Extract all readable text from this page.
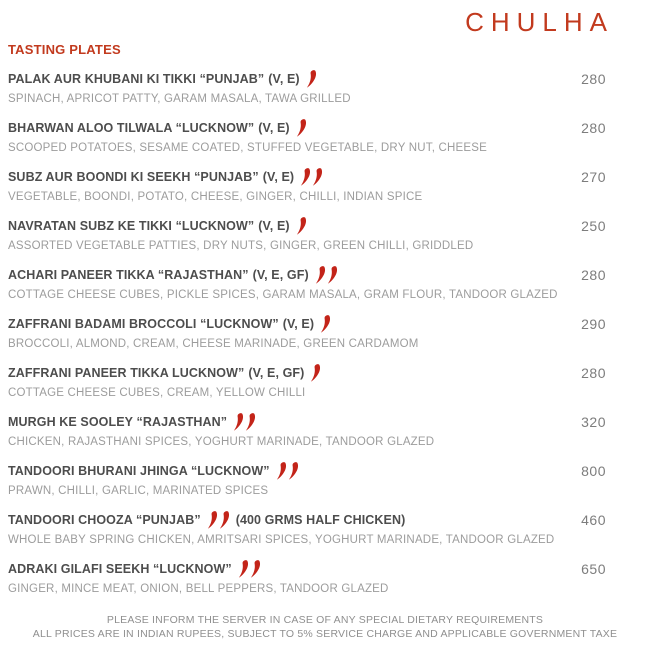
CHULHA
TASTING PLATES
PALAK AUR KHUBANI KI TIKKI “PUNJAB” (V, E)
SPINACH, APRICOT PATTY, GARAM MASALA, TAWA GRILLED
280
BHARWAN ALOO TILWALA “LUCKNOW” (V, E)
SCOOPED POTATOES, SESAME COATED, STUFFED VEGETABLE, DRY NUT, CHEESE
280
SUBZ AUR BOONDI KI SEEKH “PUNJAB” (V, E)
VEGETABLE, BOONDI, POTATO, CHEESE, GINGER, CHILLI, INDIAN SPICE
270
NAVRATAN SUBZ KE TIKKI “LUCKNOW” (V, E)
ASSORTED VEGETABLE PATTIES, DRY NUTS, GINGER, GREEN CHILLI, GRIDDLED
250
ACHARI PANEER TIKKA “RAJASTHAN” (V, E, GF)
COTTAGE CHEESE CUBES, PICKLE SPICES, GARAM MASALA, GRAM FLOUR, TANDOOR GLAZED
280
ZAFFRANI BADAMI BROCCOLI “LUCKNOW” (V, E)
BROCCOLI, ALMOND, CREAM, CHEESE MARINADE, GREEN CARDAMOM
290
ZAFFRANI PANEER TIKKA LUCKNOW” (V, E, GF)
COTTAGE CHEESE CUBES, CREAM, YELLOW CHILLI
280
MURGH KE SOOLEY “RAJASTHAN”
CHICKEN, RAJASTHANI SPICES, YOGHURT MARINADE, TANDOOR GLAZED
320
TANDOORI BHURANI JHINGA “LUCKNOW”
PRAWN, CHILLI, GARLIC, MARINATED SPICES
800
TANDOORI CHOOZA “PUNJAB”	(400 GRMS HALF CHICKEN)
WHOLE BABY SPRING CHICKEN, AMRITSARI SPICES, YOGHURT MARINADE, TANDOOR GLAZED
460
ADRAKI GILAFI SEEKH “LUCKNOW”
GINGER, MINCE MEAT, ONION, BELL PEPPERS, TANDOOR GLAZED
650
PLEASE INFORM THE SERVER IN CASE OF ANY SPECIAL DIETARY REQUIREMENTS
ALL PRICES ARE IN INDIAN RUPEES, SUBJECT TO 5% SERVICE CHARGE AND APPLICABLE GOVERNMENT TAXE
